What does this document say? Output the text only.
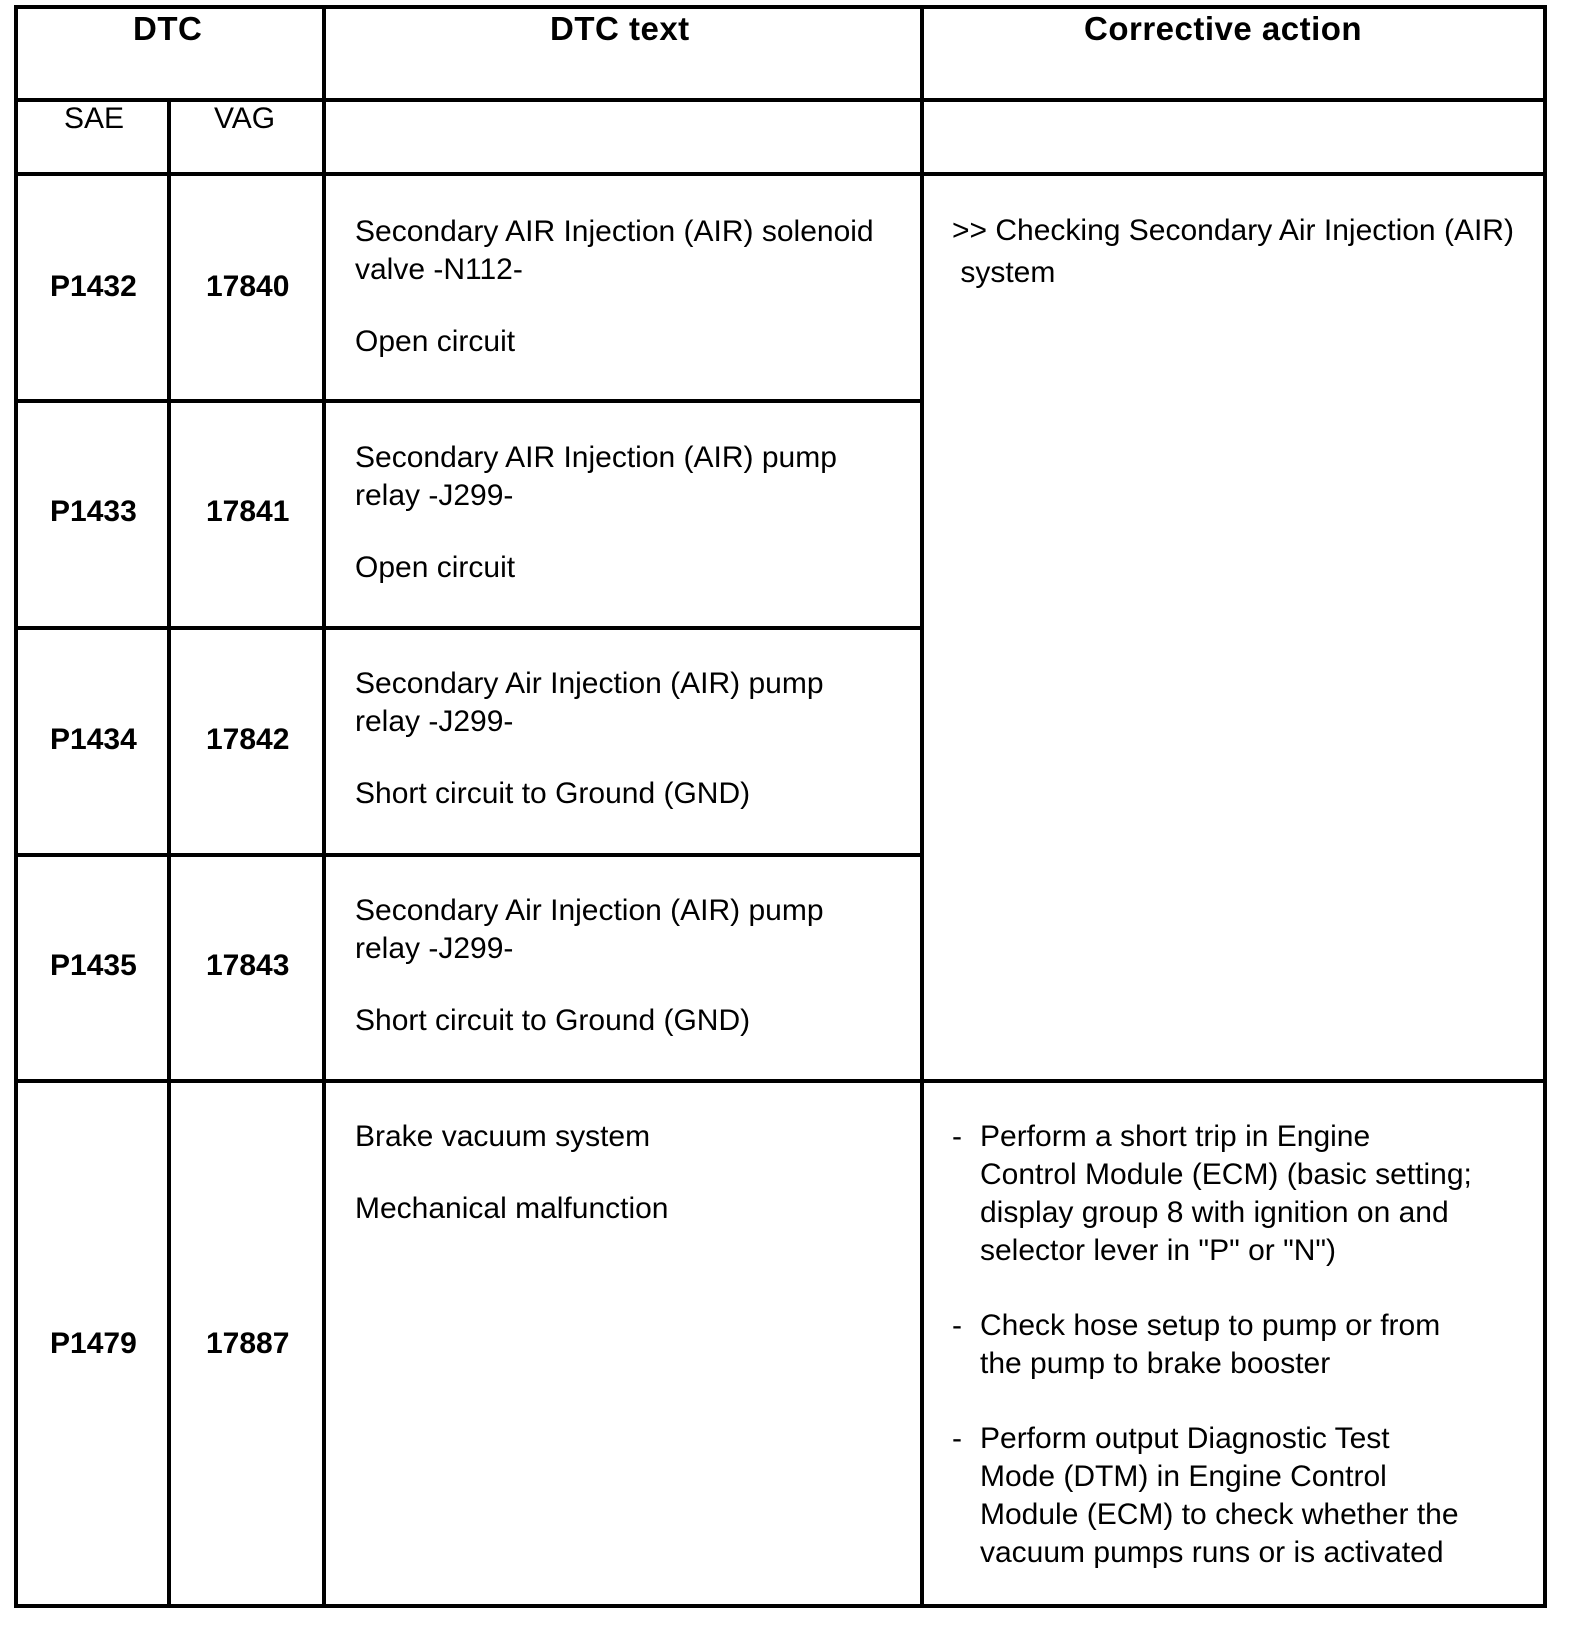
DTC	DTC text	Corrective action
SAE	VAG
P1432 17840
Secondary AIR Injection (AIR) solenoid
valve -N112-
Open circuit
P1433 17841
Secondary AIR Injection (AIR) pump
relay -J299-
Open circuit
P1434 17842
Secondary Air Injection (AIR) pump
relay -J299-
Short circuit to Ground (GND)
P1435 17843
Secondary Air Injection (AIR) pump
relay -J299-
Short circuit to Ground (GND)
>> Checking Secondary Air Injection (AIR)
system
P1479 17887
Brake vacuum system
Mechanical malfunction
- Perform a short trip in Engine
Control Module (ECM) (basic setting;
display group 8 with ignition on and
selector lever in "P" or "N")
- Check hose setup to pump or from
the pump to brake booster
- Perform output Diagnostic Test
Mode (DTM) in Engine Control
Module (ECM) to check whether the
vacuum pumps runs or is activated
